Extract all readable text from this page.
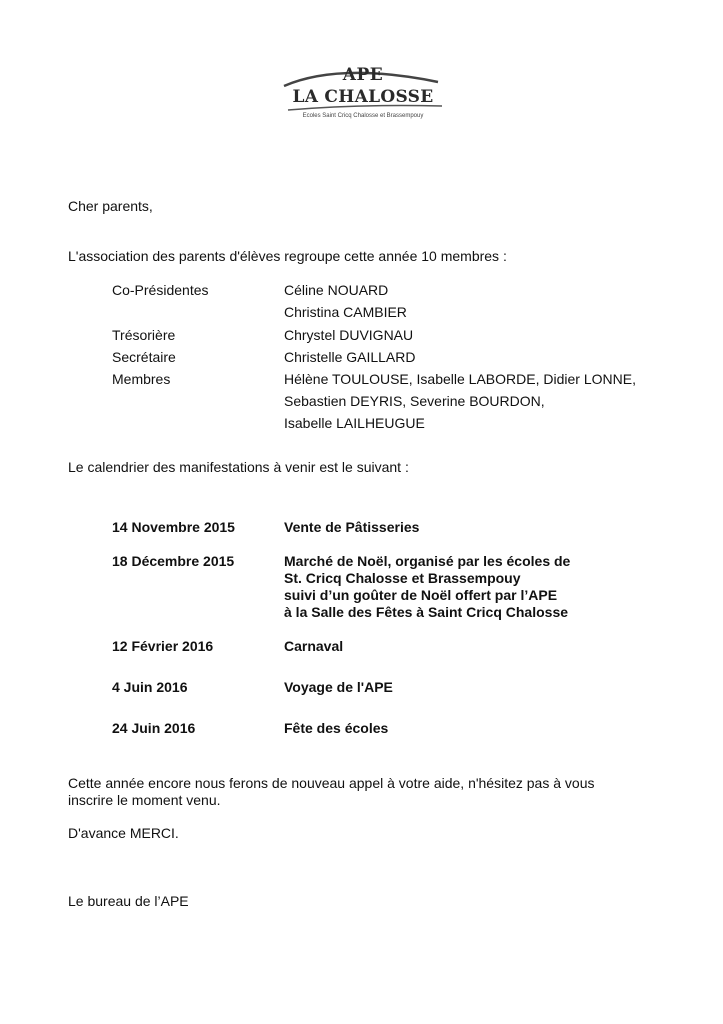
APE
LA CHALOSSE
Ecoles Saint Cricq Chalosse et Brassempouy
Cher parents,
L'association des parents d'élèves regroupe cette année 10 membres :
Co-Présidentes	Céline NOUARD
Christina CAMBIER
Trésorière	Chrystel DUVIGNAU
Secrétaire	Christelle GAILLARD
Membres	Hélène TOULOUSE, Isabelle LABORDE, Didier LONNE,
Sebastien DEYRIS, Severine BOURDON,
Isabelle LAILHEUGUE
Le calendrier des manifestations à venir est le suivant :
14 Novembre 2015	Vente de Pâtisseries
18 Décembre 2015	Marché de Noël, organisé par les écoles de
St. Cricq Chalosse et Brassempouy
suivi d’un goûter de Noël offert par l’APE
à la Salle des Fêtes à Saint Cricq Chalosse
12 Février 2016	Carnaval
4 Juin 2016	Voyage de l'APE
24 Juin 2016	Fête des écoles
Cette année encore nous ferons de nouveau appel à votre aide, n'hésitez pas à vous
inscrire le moment venu.
D'avance MERCI.
Le bureau de l’APE
